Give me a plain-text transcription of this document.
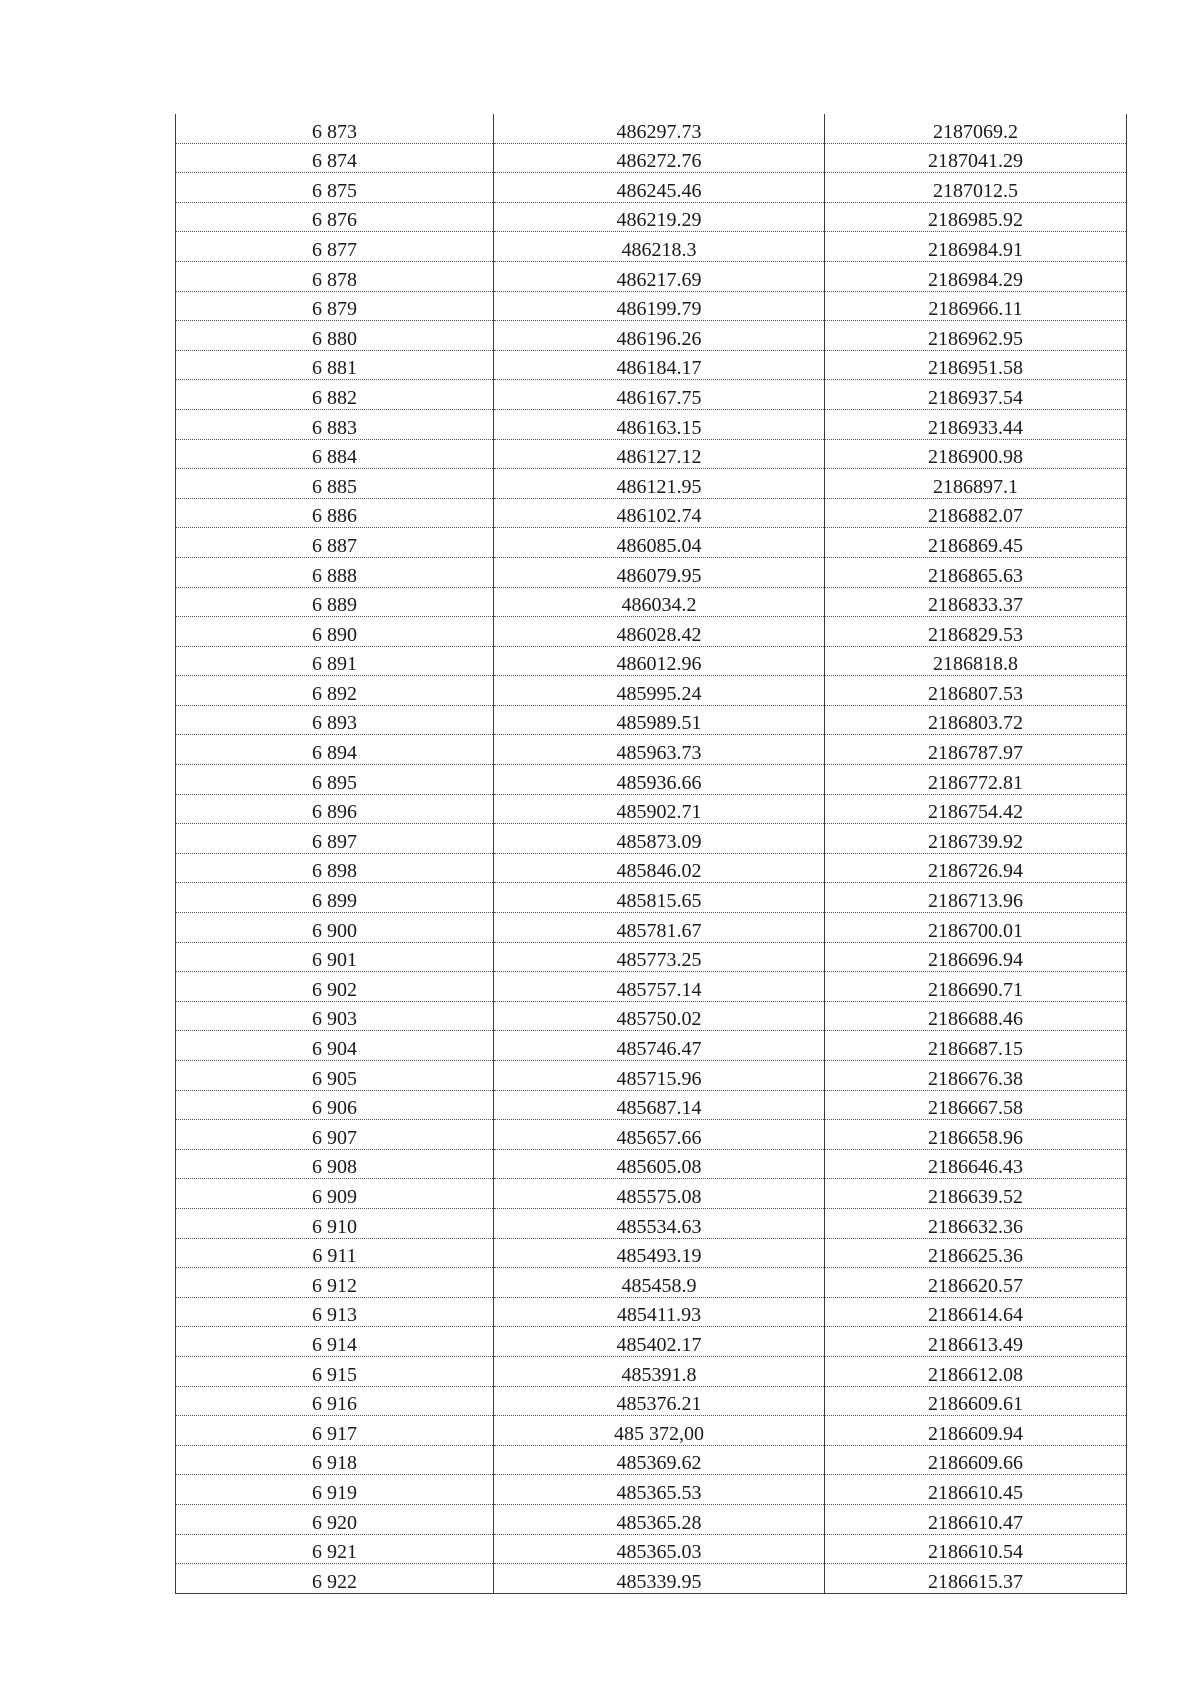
6 873	486297.73	2187069.2
6 874	486272.76	2187041.29
6 875	486245.46	2187012.5
6 876	486219.29	2186985.92
6 877	486218.3	2186984.91
6 878	486217.69	2186984.29
6 879	486199.79	2186966.11
6 880	486196.26	2186962.95
6 881	486184.17	2186951.58
6 882	486167.75	2186937.54
6 883	486163.15	2186933.44
6 884	486127.12	2186900.98
6 885	486121.95	2186897.1
6 886	486102.74	2186882.07
6 887	486085.04	2186869.45
6 888	486079.95	2186865.63
6 889	486034.2	2186833.37
6 890	486028.42	2186829.53
6 891	486012.96	2186818.8
6 892	485995.24	2186807.53
6 893	485989.51	2186803.72
6 894	485963.73	2186787.97
6 895	485936.66	2186772.81
6 896	485902.71	2186754.42
6 897	485873.09	2186739.92
6 898	485846.02	2186726.94
6 899	485815.65	2186713.96
6 900	485781.67	2186700.01
6 901	485773.25	2186696.94
6 902	485757.14	2186690.71
6 903	485750.02	2186688.46
6 904	485746.47	2186687.15
6 905	485715.96	2186676.38
6 906	485687.14	2186667.58
6 907	485657.66	2186658.96
6 908	485605.08	2186646.43
6 909	485575.08	2186639.52
6 910	485534.63	2186632.36
6 911	485493.19	2186625.36
6 912	485458.9	2186620.57
6 913	485411.93	2186614.64
6 914	485402.17	2186613.49
6 915	485391.8	2186612.08
6 916	485376.21	2186609.61
6 917	485 372,00	2186609.94
6 918	485369.62	2186609.66
6 919	485365.53	2186610.45
6 920	485365.28	2186610.47
6 921	485365.03	2186610.54
6 922	485339.95	2186615.37
